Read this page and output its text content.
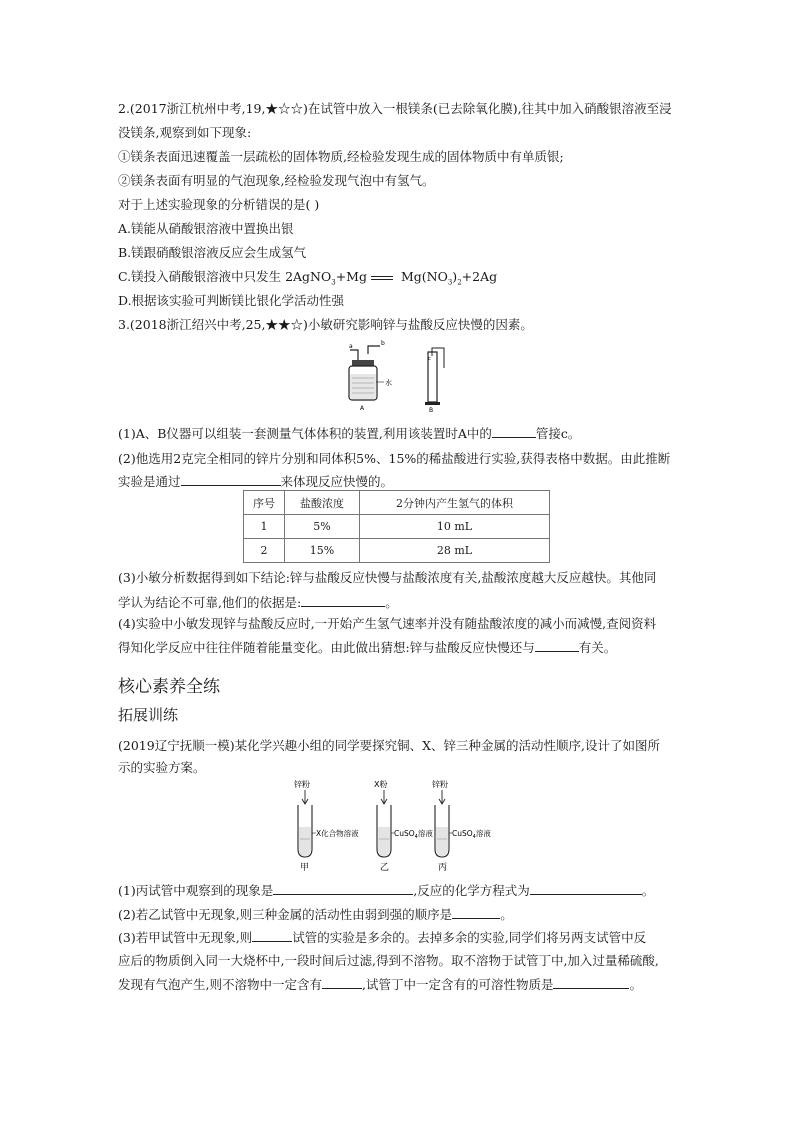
2.(2017浙江杭州中考,19,★☆☆)在试管中放入一根镁条(已去除氧化膜),往其中加入硝酸银溶液至浸
没镁条,观察到如下现象:
①镁条表面迅速覆盖一层疏松的固体物质,经检验发现生成的固体物质中有单质银;
②镁条表面有明显的气泡现象,经检验发现气泡中有氢气。
对于上述实验现象的分析错误的是( )
A.镁能从硝酸银溶液中置换出银
B.镁跟硝酸银溶液反应会生成氢气
C.镁投入硝酸银溶液中只发生 2AgNO$_3$+Mg $Mg(NO_3)_2+2Ag$
D.根据该实验可判断镁比银化学活动性强
3.(2018浙江绍兴中考,25,★★☆)小敏研究影响锌与盐酸反应快慢的因素。
a	b
水
A
c
B
(1)A、B仪器可以组装一套测量气体体积的装置,利用该装置时A中的	管接c。
(2)他选用2克完全相同的锌片分别和同体积5%、15%的稀盐酸进行实验,获得表格中数据。由此推断
实验是通过	来体现反应快慢的。
序号	盐酸浓度	2分钟内产生氢气的体积
1	5%	10 mL
2	15%	28 mL
(3)小敏分析数据得到如下结论:锌与盐酸反应快慢与盐酸浓度有关,盐酸浓度越大反应越快。其他同
学认为结论不可靠,他们的依据是:	。
(4)实验中小敏发现锌与盐酸反应时,一开始产生氢气速率并没有随盐酸浓度的减小而减慢,查阅资料
得知化学反应中往往伴随着能量变化。由此做出猜想:锌与盐酸反应快慢还与	有关。
核心素养全练
拓展训练
(2019辽宁抚顺一模)某化学兴趣小组的同学要探究铜、X、锌三种金属的活动性顺序,设计了如图所
示的实验方案。
锌粉
X化合物溶液
甲
X粉
CuSO$_4$溶液
乙
锌粉
CuSO$_4$溶液
丙
(1)丙试管中观察到的现象是	,反应的化学方程式为	。
(2)若乙试管中无现象,则三种金属的活动性由弱到强的顺序是	。
(3)若甲试管中无现象,则	试管的实验是多余的。去掉多余的实验,同学们将另两支试管中反
应后的物质倒入同一大烧杯中,一段时间后过滤,得到不溶物。取不溶物于试管丁中,加入过量稀硫酸,
发现有气泡产生,则不溶物中一定含有	,试管丁中一定含有的可溶性物质是	。
